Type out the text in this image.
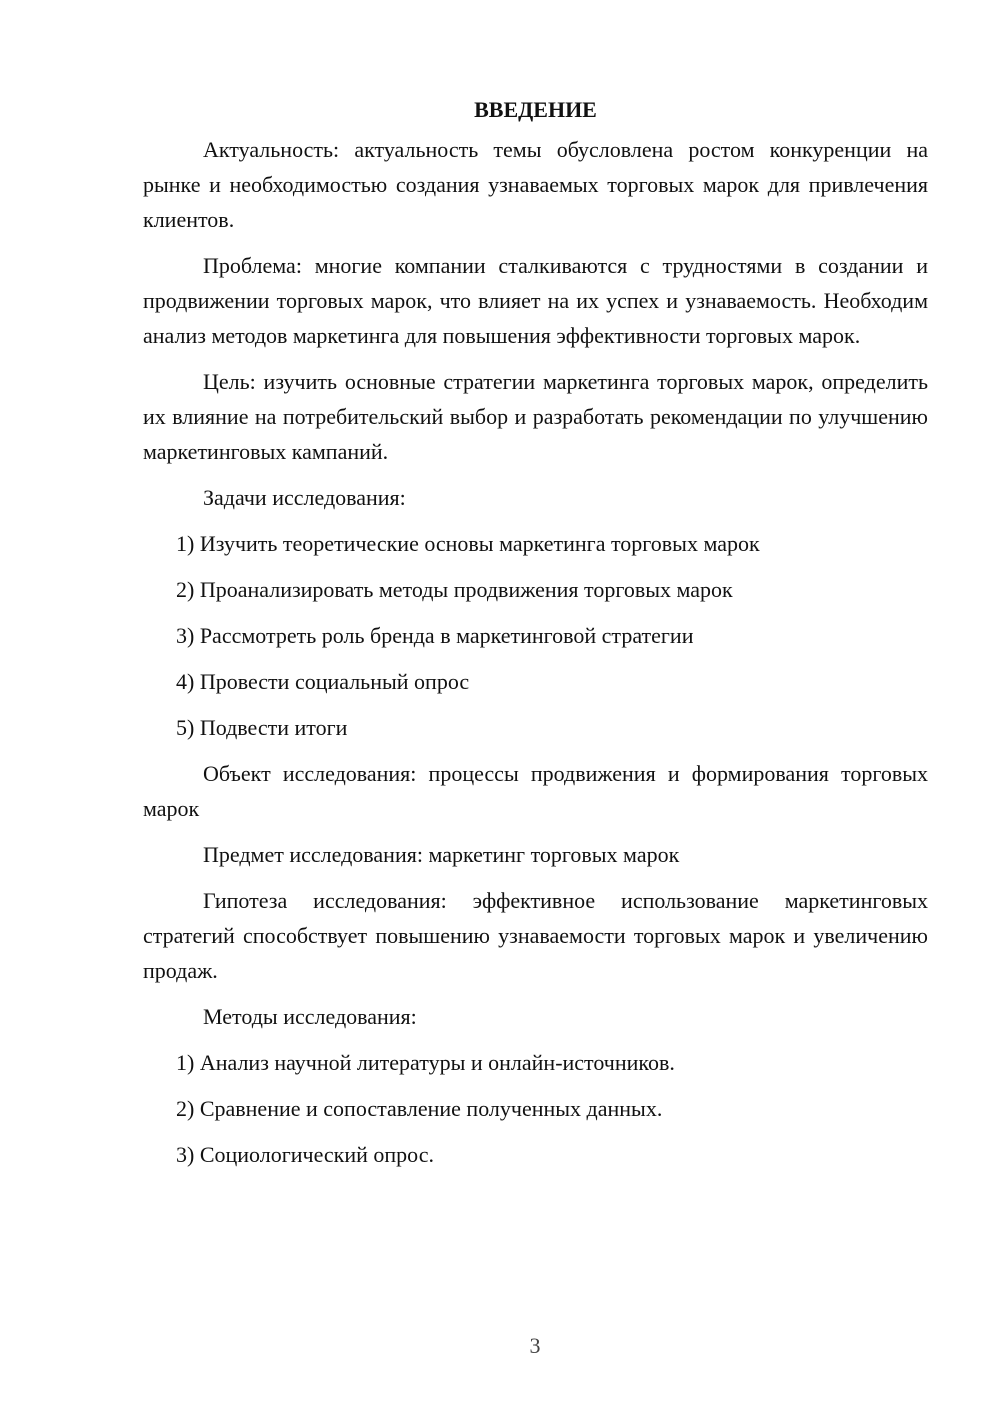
ВВЕДЕНИЕ

Актуальность: актуальность темы обусловлена ростом конкуренции на рынке и необходимостью создания узнаваемых торговых марок для привлечения клиентов.

Проблема: многие компании сталкиваются с трудностями в создании и продвижении торговых марок, что влияет на их успех и узнаваемость. Необходим анализ методов маркетинга для повышения эффективности торговых марок.

Цель: изучить основные стратегии маркетинга торговых марок, определить их влияние на потребительский выбор и разработать рекомендации по улучшению маркетинговых кампаний.

Задачи исследования:

1) Изучить теоретические основы маркетинга торговых марок
2) Проанализировать методы продвижения торговых марок
3) Рассмотреть роль бренда в маркетинговой стратегии
4) Провести социальный опрос
5) Подвести итоги

Объект исследования: процессы продвижения и формирования торговых марок

Предмет исследования: маркетинг торговых марок

Гипотеза исследования: эффективное использование маркетинговых стратегий способствует повышению узнаваемости торговых марок и увеличению продаж.

Методы исследования:

1) Анализ научной литературы и онлайн-источников.
2) Сравнение и сопоставление полученных данных.
3) Социологический опрос.
3
